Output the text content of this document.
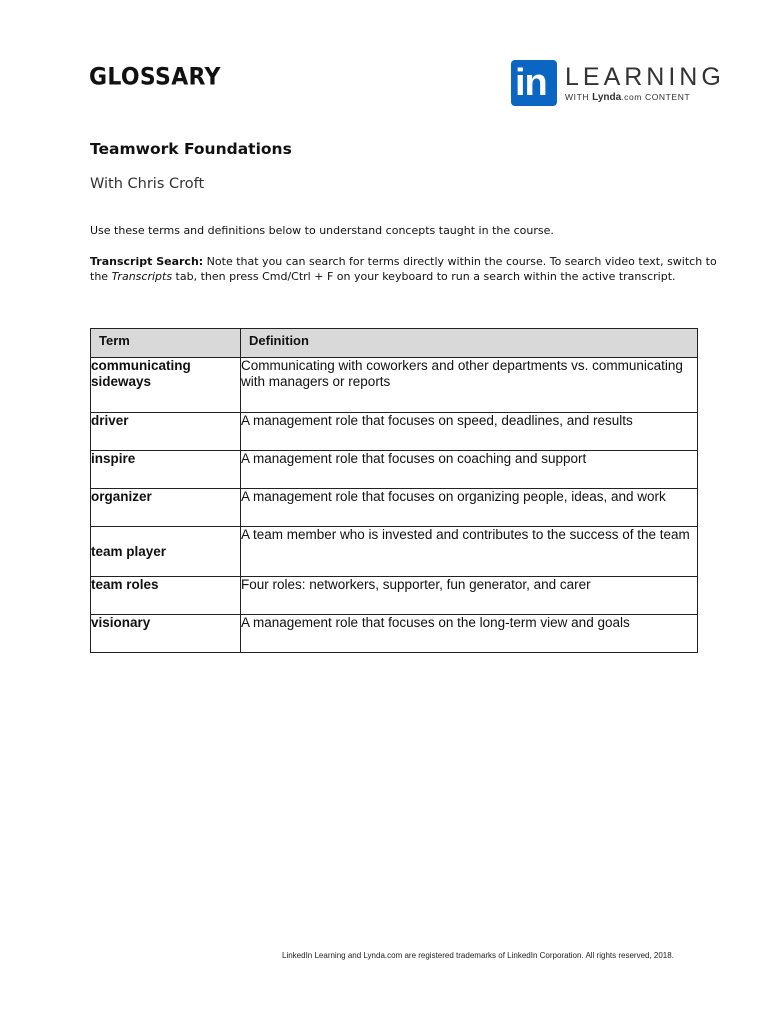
GLOSSARY	in LEARNING
WITH Lynda.com CONTENT
Teamwork Foundations
With Chris Croft
Use these terms and definitions below to understand concepts taught in the course.
Transcript Search: Note that you can search for terms directly within the course. To search video text, switch to the Transcripts tab, then press Cmd/Ctrl + F on your keyboard to run a search within the active transcript.
Term	Definition
communicating sideways	Communicating with coworkers and other departments vs. communicating with managers or reports
driver	A management role that focuses on speed, deadlines, and results
inspire	A management role that focuses on coaching and support
organizer	A management role that focuses on organizing people, ideas, and work
team player	A team member who is invested and contributes to the success of the team
team roles	Four roles: networkers, supporter, fun generator, and carer
visionary	A management role that focuses on the long-term view and goals
LinkedIn Learning and Lynda.com are registered trademarks of LinkedIn Corporation. All rights reserved, 2018.
